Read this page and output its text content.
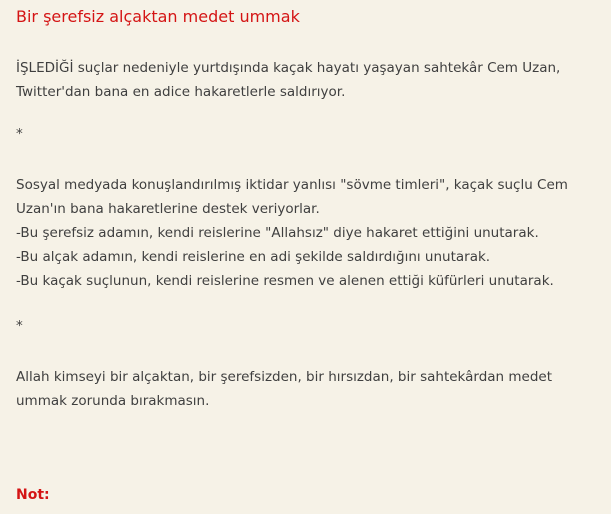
Bir şerefsiz alçaktan medet ummak

İŞLEDİĞİ suçlar nedeniyle yurtdışında kaçak hayatı yaşayan sahtekâr Cem Uzan,
Twitter'dan bana en adice hakaretlerle saldırıyor.

*

Sosyal medyada konuşlandırılmış iktidar yanlısı "sövme timleri", kaçak suçlu Cem
Uzan'ın bana hakaretlerine destek veriyorlar.
-Bu şerefsiz adamın, kendi reislerine "Allahsız" diye hakaret ettiğini unutarak.
-Bu alçak adamın, kendi reislerine en adi şekilde saldırdığını unutarak.
-Bu kaçak suçlunun, kendi reislerine resmen ve alenen ettiği küfürleri unutarak.

*

Allah kimseyi bir alçaktan, bir şerefsizden, bir hırsızdan, bir sahtekârdan medet
ummak zorunda bırakmasın.

Not:
